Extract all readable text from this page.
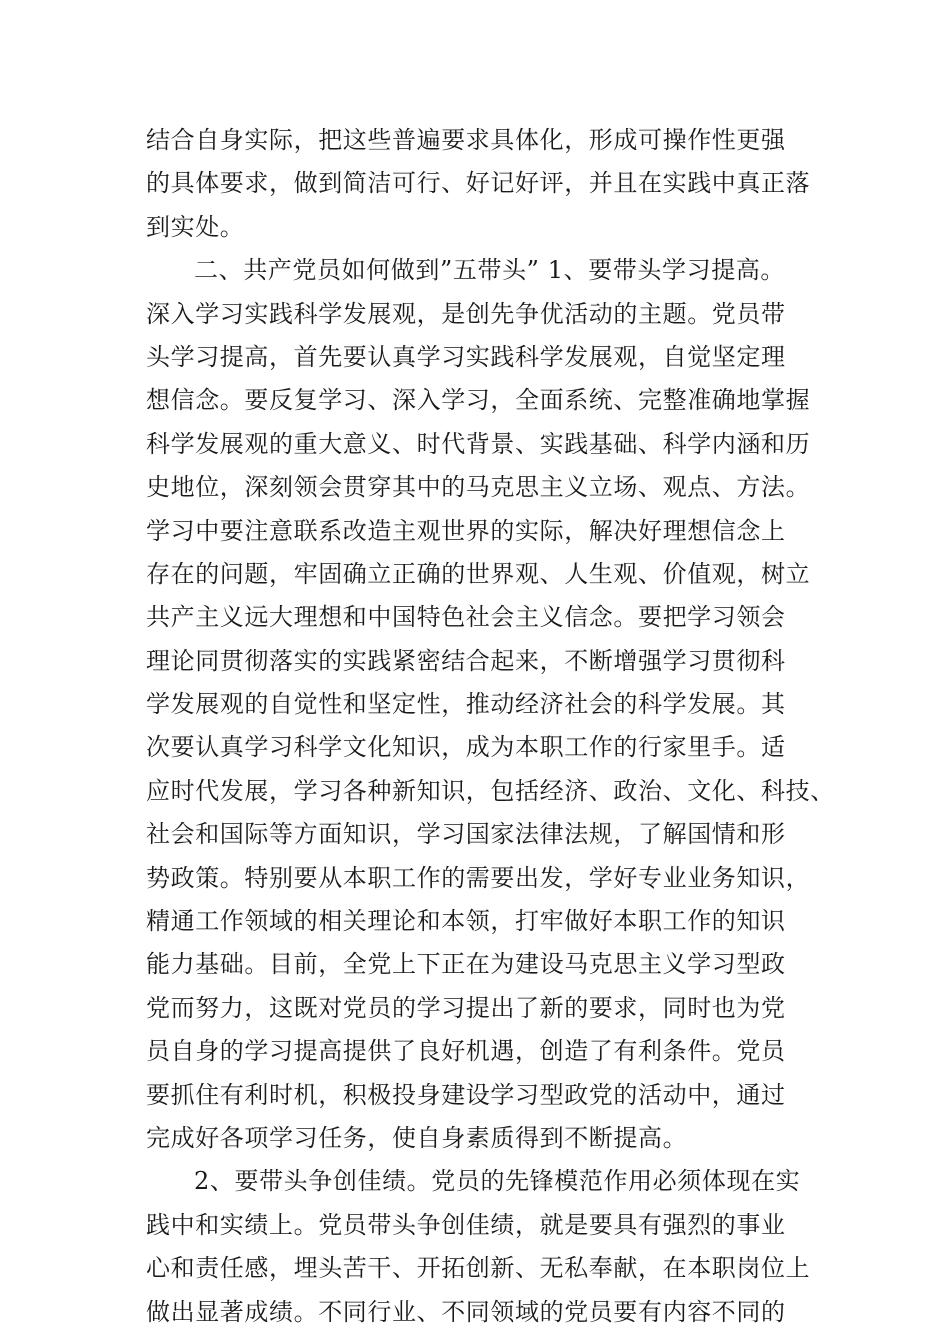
结合自身实际，把这些普遍要求具体化，形成可操作性更强
的具体要求，做到简洁可行、好记好评，并且在实践中真正落
到实处。
二、共产党员如何做到”五带头” 1、要带头学习提高。
深入学习实践科学发展观，是创先争优活动的主题。党员带
头学习提高，首先要认真学习实践科学发展观，自觉坚定理
想信念。要反复学习、深入学习，全面系统、完整准确地掌握
科学发展观的重大意义、时代背景、实践基础、科学内涵和历
史地位，深刻领会贯穿其中的马克思主义立场、观点、方法。
学习中要注意联系改造主观世界的实际，解决好理想信念上
存在的问题，牢固确立正确的世界观、人生观、价值观，树立
共产主义远大理想和中国特色社会主义信念。要把学习领会
理论同贯彻落实的实践紧密结合起来，不断增强学习贯彻科
学发展观的自觉性和坚定性，推动经济社会的科学发展。其
次要认真学习科学文化知识，成为本职工作的行家里手。适
应时代发展，学习各种新知识，包括经济、政治、文化、科技、
社会和国际等方面知识，学习国家法律法规，了解国情和形
势政策。特别要从本职工作的需要出发，学好专业业务知识，
精通工作领域的相关理论和本领，打牢做好本职工作的知识
能力基础。目前，全党上下正在为建设马克思主义学习型政
党而努力，这既对党员的学习提出了新的要求，同时也为党
员自身的学习提高提供了良好机遇，创造了有利条件。党员
要抓住有利时机，积极投身建设学习型政党的活动中，通过
完成好各项学习任务，使自身素质得到不断提高。
2、要带头争创佳绩。党员的先锋模范作用必须体现在实
践中和实绩上。党员带头争创佳绩，就是要具有强烈的事业
心和责任感，埋头苦干、开拓创新、无私奉献，在本职岗位上
做出显著成绩。不同行业、不同领域的党员要有内容不同的
